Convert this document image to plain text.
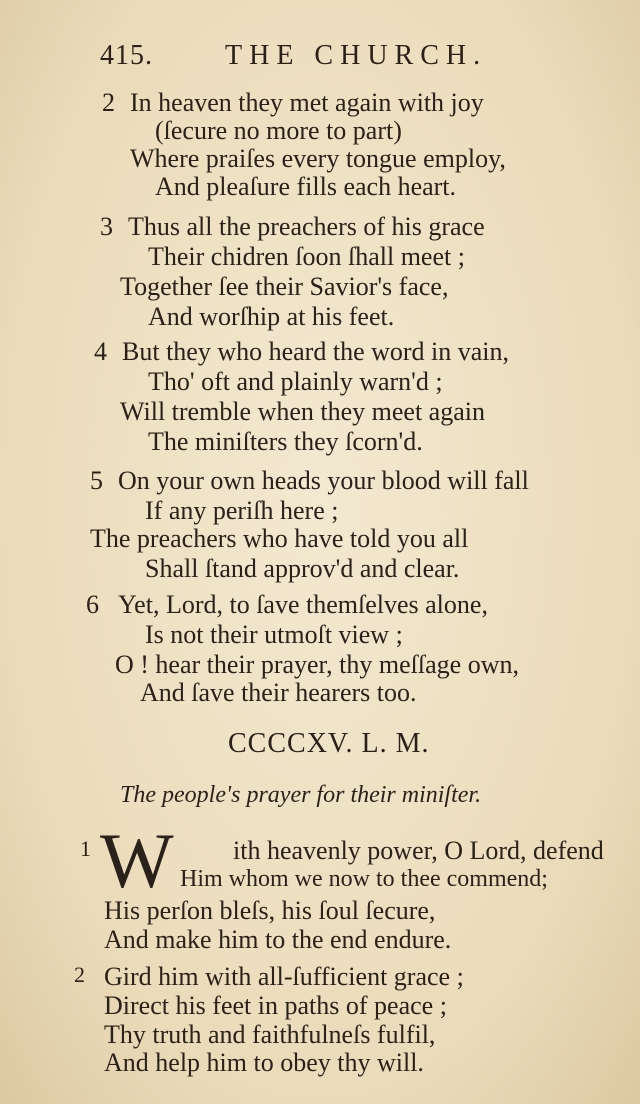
415.	THE CHURCH.
2 In heaven they met again with joy
(ſecure no more to part)
Where praiſes every tongue employ,
And pleaſure fills each heart.
3 Thus all the preachers of his grace
Their chidren ſoon ſhall meet ;
Together ſee their Savior's face,
And worſhip at his feet.
4 But they who heard the word in vain,
Tho' oft and plainly warn'd ;
Will tremble when they meet again
The miniſters they ſcorn'd.
5 On your own heads your blood will fall
If any periſh here ;
The preachers who have told you all
Shall ſtand approv'd and clear.
6 Yet, Lord, to ſave themſelves alone,
Is not their utmoſt view ;
O ! hear their prayer, thy meſſage own,
And ſave their hearers too.
CCCCXV. L. M.
The people's prayer for their miniſter.
1	ith heavenly power, O Lord, defend
Him whom we now to thee commend;
His perſon bleſs, his ſoul ſecure,
And make him to the end endure.
W
2 Gird him with all-ſufficient grace ;
Direct his feet in paths of peace ;
Thy truth and faithfulneſs fulfil,
And help him to obey thy will.
